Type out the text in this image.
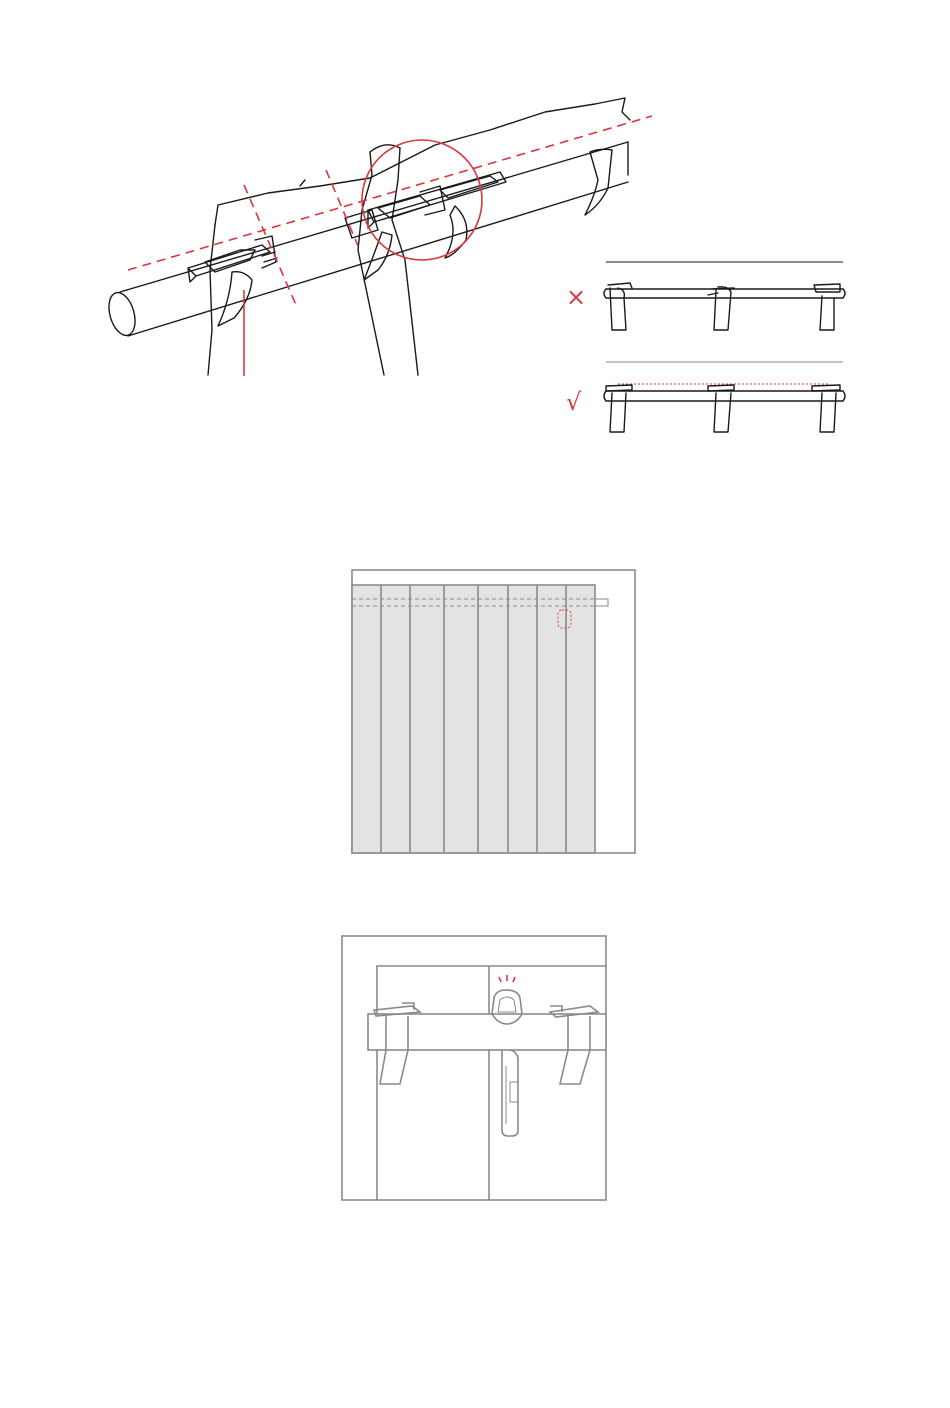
×
√
